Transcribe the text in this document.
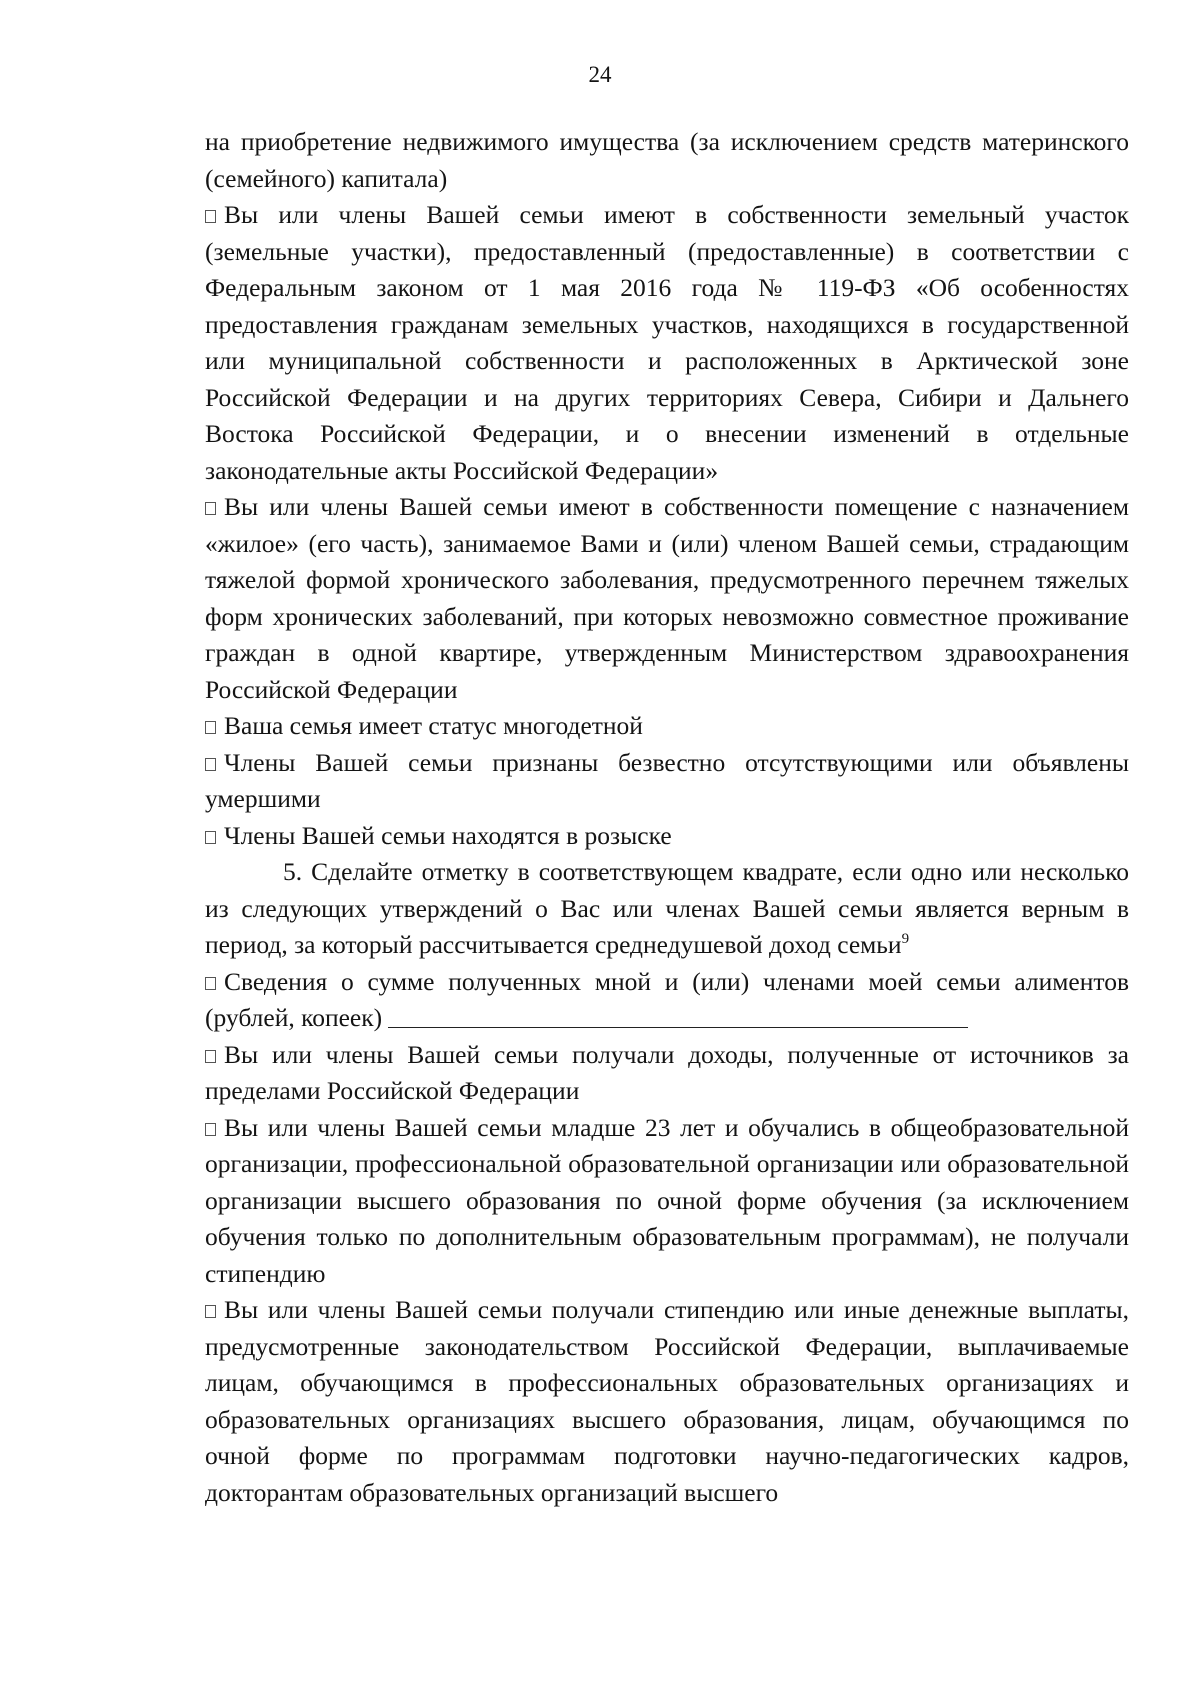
24

на приобретение недвижимого имущества (за исключением средств материнского (семейного) капитала)

Вы или члены Вашей семьи имеют в собственности земельный участок (земельные участки), предоставленный (предоставленные) в соответствии с Федеральным законом от 1 мая 2016 года № 119-ФЗ «Об особенностях предоставления гражданам земельных участков, находящихся в государственной или муниципальной собственности и расположенных в Арктической зоне Российской Федерации и на других территориях Севера, Сибири и Дальнего Востока Российской Федерации, и о внесении изменений в отдельные законодательные акты Российской Федерации»

Вы или члены Вашей семьи имеют в собственности помещение с назначением «жилое» (его часть), занимаемое Вами и (или) членом Вашей семьи, страдающим тяжелой формой хронического заболевания, предусмотренного перечнем тяжелых форм хронических заболеваний, при которых невозможно совместное проживание граждан в одной квартире, утвержденным Министерством здравоохранения Российской Федерации

Ваша семья имеет статус многодетной

Члены Вашей семьи признаны безвестно отсутствующими или объявлены умершими

Члены Вашей семьи находятся в розыске

5. Сделайте отметку в соответствующем квадрате, если одно или несколько из следующих утверждений о Вас или членах Вашей семьи является верным в период, за который рассчитывается среднедушевой доход семьи$^9$

Сведения о сумме полученных мной и (или) членами моей семьи алиментов (рублей, копеек)

Вы или члены Вашей семьи получали доходы, полученные от источников за пределами Российской Федерации

Вы или члены Вашей семьи младше 23 лет и обучались в общеобразовательной организации, профессиональной образовательной организации или образовательной организации высшего образования по очной форме обучения (за исключением обучения только по дополнительным образовательным программам), не получали стипендию

Вы или члены Вашей семьи получали стипендию или иные денежные выплаты, предусмотренные законодательством Российской Федерации, выплачиваемые лицам, обучающимся в профессиональных образовательных организациях и образовательных организациях высшего образования, лицам, обучающимся по очной форме по программам подготовки научно-педагогических кадров, докторантам образовательных организаций высшего
